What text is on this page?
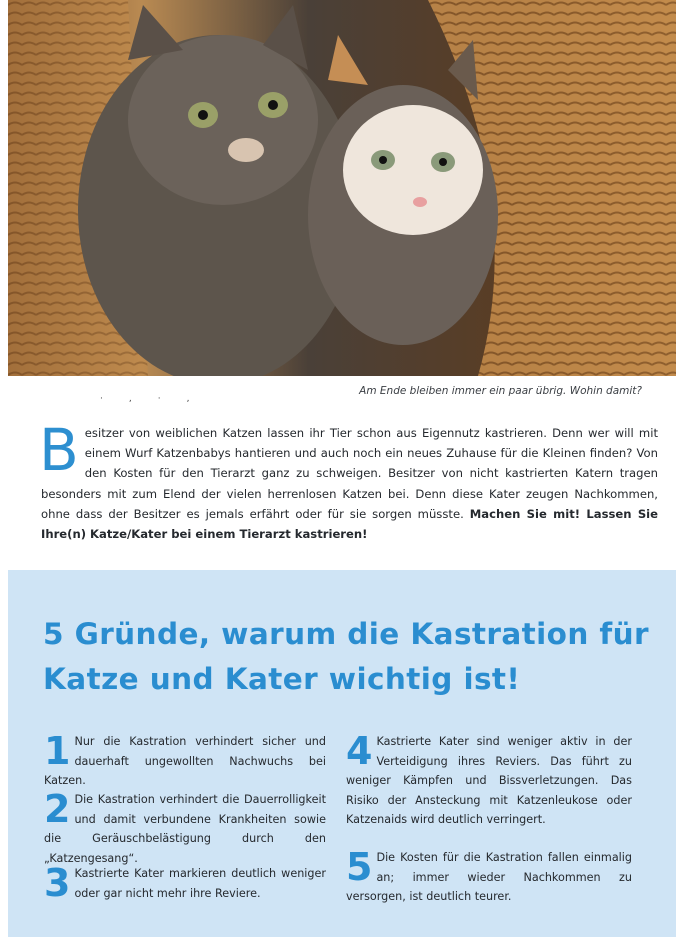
Am Ende bleiben immer ein paar übrig. Wohin damit?
·,·,
B esitzer von weiblichen Katzen lassen ihr Tier schon aus Eigennutz kastrieren. Denn wer will mit einem Wurf Katzenbabys hantieren und auch noch ein neues Zuhause für die Kleinen finden? Von den Kosten für den Tierarzt ganz zu schweigen. Besitzer von nicht kastrierten Katern tragen besonders mit zum Elend der vielen herrenlosen Katzen bei. Denn diese Kater zeugen Nachkommen, ohne dass der Besitzer es jemals erfährt oder für sie sorgen müsste. Machen Sie mit! Lassen Sie Ihre(n) Katze/Kater bei einem Tierarzt kastrieren!
5 Gründe, warum die Kastration für Katze und Kater wichtig ist!
1 Nur die Kastration verhindert sicher und dauerhaft ungewollten Nachwuchs bei Katzen.
2 Die Kastration verhindert die Dauerrolligkeit und damit verbundene Krankheiten sowie die Geräuschbelästigung durch den „Katzengesang“.
3 Kastrierte Kater markieren deutlich weniger oder gar nicht mehr ihre Reviere.
4 Kastrierte Kater sind weniger aktiv in der Verteidigung ihres Reviers. Das führt zu weniger Kämpfen und Bissverletzungen. Das Risiko der Ansteckung mit Katzenleukose oder Katzenaids wird deutlich verringert.
5 Die Kosten für die Kastration fallen einmalig an; immer wieder Nachkommen zu versorgen, ist deutlich teurer.
